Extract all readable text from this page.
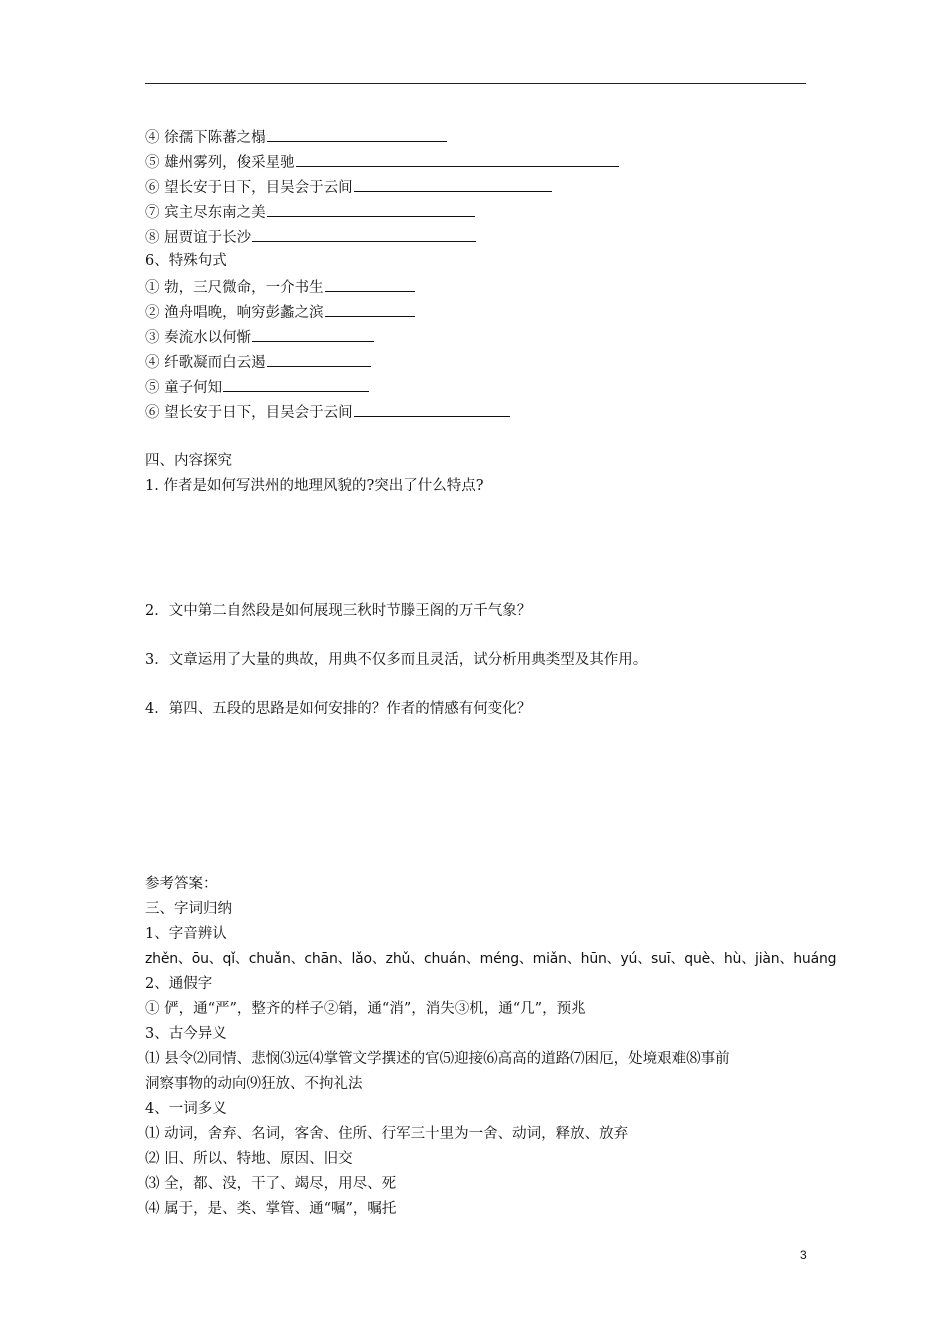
④ 徐孺下陈蕃之榻
⑤ 雄州雾列，俊采星驰
⑥ 望长安于日下，目吴会于云间
⑦ 宾主尽东南之美
⑧ 屈贾谊于长沙
6、特殊句式
① 勃，三尺微命，一介书生
② 渔舟唱晚，响穷彭蠡之滨
③ 奏流水以何惭
④ 纤歌凝而白云遏
⑤ 童子何知
⑥ 望长安于日下，目吴会于云间
四、内容探究
1. 作者是如何写洪州的地理风貌的?突出了什么特点?
2．文中第二自然段是如何展现三秋时节滕王阁的万千气象？
3．文章运用了大量的典故，用典不仅多而且灵活，试分析用典类型及其作用。
4．第四、五段的思路是如何安排的？作者的情感有何变化？
参考答案：
三、字词归纳
1、字音辨认
zhěn、ōu、qǐ、chuǎn、chān、lǎo、zhǔ、chuán、méng、miǎn、hūn、yú、suī、què、hù、jiàn、huáng
2、通假字
① 俨，通“严”，整齐的样子②销，通“消”，消失③机，通“几”，预兆
3、古今异义
⑴ 县令⑵同情、悲悯⑶远⑷掌管文学撰述的官⑸迎接⑹高高的道路⑺困厄，处境艰难⑻事前
洞察事物的动向⑼狂放、不拘礼法
4、一词多义
⑴ 动词，舍弃、名词，客舍、住所、行军三十里为一舍、动词，释放、放弃
⑵ 旧、所以、特地、原因、旧交
⑶ 全，都、没，干了、竭尽，用尽、死
⑷ 属于，是、类、掌管、通“嘱”，嘱托
3
